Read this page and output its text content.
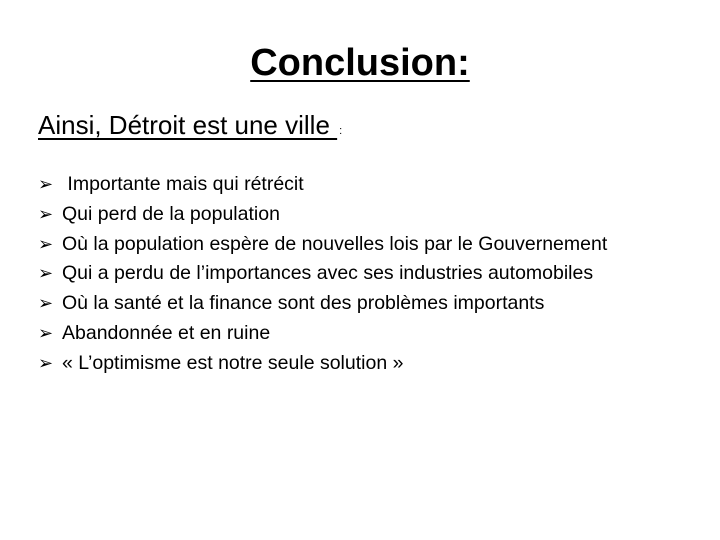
Conclusion:
Ainsi, Détroit est une ville :
➢ Importante mais qui rétrécit
➢ Qui perd de la population
➢ Où la population espère de nouvelles lois par le Gouvernement
➢ Qui a perdu de l’importances avec ses industries automobiles
➢ Où la santé et la finance sont des problèmes importants
➢ Abandonnée et en ruine
➢ « L’optimisme est notre seule solution »
